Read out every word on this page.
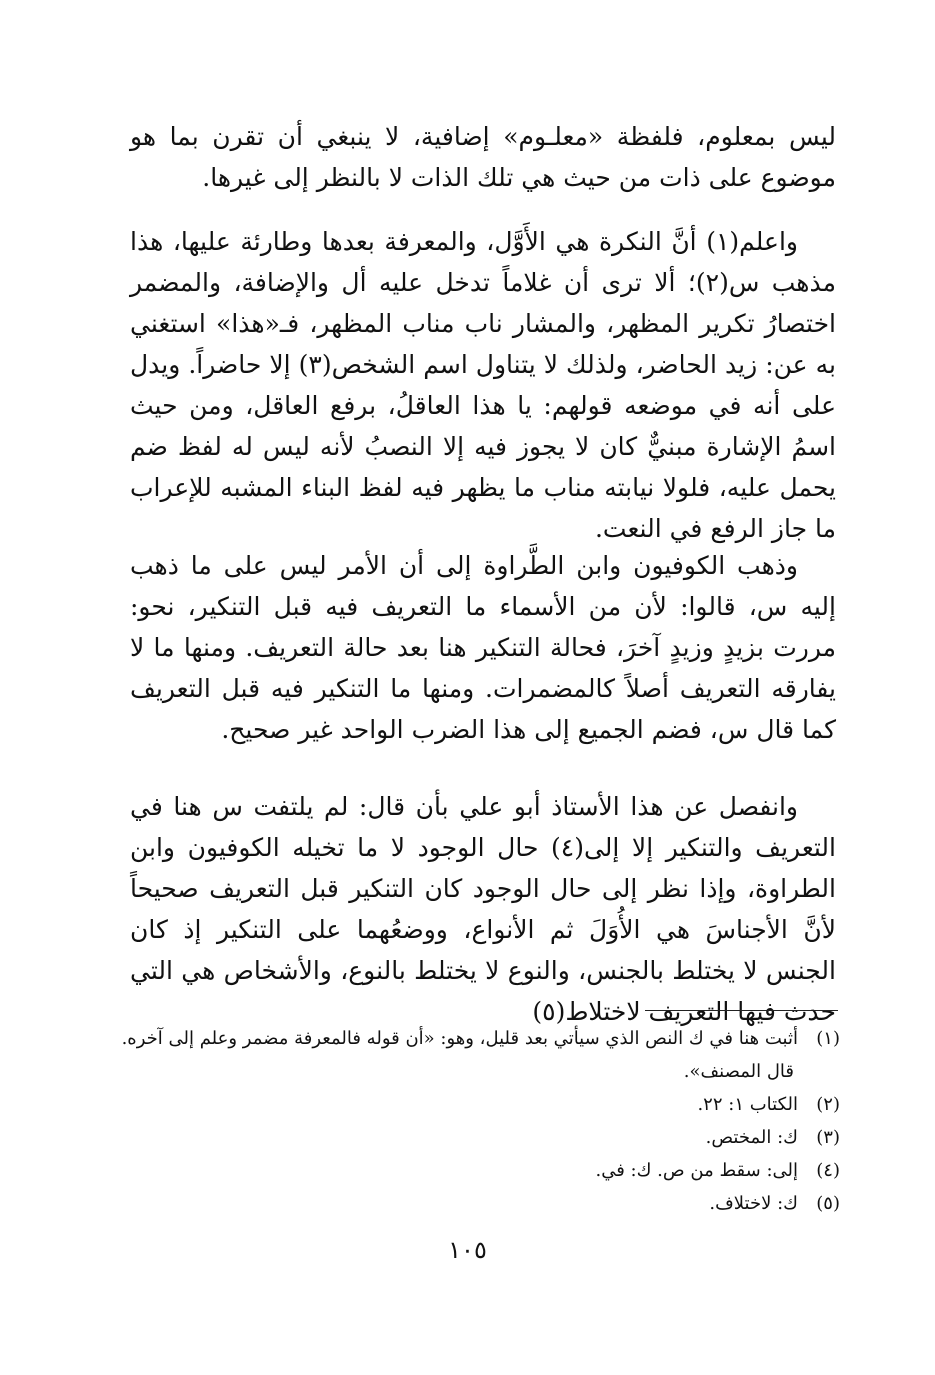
ليس بمعلوم، فلفظة «معلـوم» إضافية، لا ينبغي أن تقرن بما هو موضوع على ذات من حيث هي تلك الذات لا بالنظر إلى غيرها.

واعلم(١) أنَّ النكرة هي الأَوَّل، والمعرفة بعدها وطارئة عليها، هذا مذهب س(٢)؛ ألا ترى أن غلاماً تدخل عليه أل والإضافة، والمضمر اختصارُ تكرير المظهر، والمشار ناب مناب المظهر، فـ«هذا» استغني به عن: زيد الحاضر، ولذلك لا يتناول اسم الشخص(٣) إلا حاضراً. ويدل على أنه في موضعه قولهم: يا هذا العاقلُ، برفع العاقل، ومن حيث اسمُ الإشارة مبنيٌّ كان لا يجوز فيه إلا النصبُ لأنه ليس له لفظ ضم يحمل عليه، فلولا نيابته مناب ما يظهر فيه لفظ البناء المشبه للإعراب ما جاز الرفع في النعت.

وذهب الكوفيون وابن الطَّراوة إلى أن الأمر ليس على ما ذهب إليه س، قالوا: لأن من الأسماء ما التعريف فيه قبل التنكير، نحو: مررت بزيدٍ وزيدٍ آخرَ، فحالة التنكير هنا بعد حالة التعريف. ومنها ما لا يفارقه التعريف أصلاً كالمضمرات. ومنها ما التنكير فيه قبل التعريف كما قال س، فضم الجميع إلى هذا الضرب الواحد غير صحيح.

وانفصل عن هذا الأستاذ أبو علي بأن قال: لم يلتفت س هنا في التعريف والتنكير إلا إلى(٤) حال الوجود لا ما تخيله الكوفيون وابن الطراوة، وإذا نظر إلى حال الوجود كان التنكير قبل التعريف صحيحاً لأنَّ الأجناسَ هي الأُوَلَ ثم الأنواع، ووضعُهما على التنكير إذ كان الجنس لا يختلط بالجنس، والنوع لا يختلط بالنوع، والأشخاص هي التي حدث فيها التعريف لاختلاط(٥)

(١)أثبت هنا في ك النص الذي سيأتي بعد قليل، وهو: «أن قوله فالمعرفة مضمر وعلم إلى آخره. قال المصنف».

(٢)الكتاب ١: ٢٢.

(٣)ك: المختص.

(٤)إلى: سقط من ص. ك: في.

(٥)ك: لاختلاف.

١٠٥
